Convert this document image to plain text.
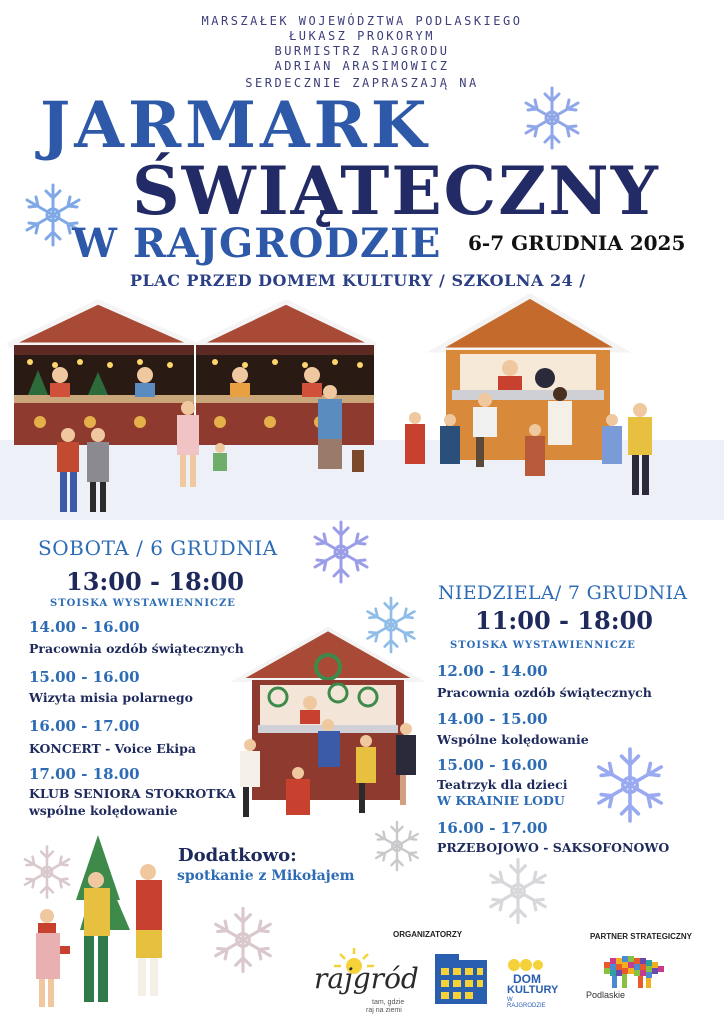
MARSZAŁEK WOJEWÓDZTWA PODLASKIEGO
ŁUKASZ PROKORYM
BURMISTRZ RAJGRODU
ADRIAN ARASIMOWICZ
SERDECZNIE ZAPRASZAJĄ NA
JARMARK
ŚWIĄTECZNY
W RAJGRODZIE 6-7 GRUDNIA 2025
PLAC PRZED DOMEM KULTURY / SZKOLNA 24 /
SOBOTA / 6 GRUDNIA
13:00 - 18:00
STOISKA WYSTAWIENNICZE
14.00 - 16.00
Pracownia ozdób świątecznych
15.00 - 16.00
Wizyta misia polarnego
16.00 - 17.00
KONCERT - Voice Ekipa
17.00 - 18.00
KLUB SENIORA STOKROTKA
wspólne kolędowanie
NIEDZIELA/ 7 GRUDNIA
11:00 - 18:00
STOISKA WYSTAWIENNICZE
12.00 - 14.00
Pracownia ozdób świątecznych
14.00 - 15.00
Wspólne kolędowanie
15.00 - 16.00
Teatrzyk dla dzieci
W KRAINIE LODU
16.00 - 17.00
PRZEBOJOWO - SAKSOFONOWO
Dodatkowo:
spotkanie z Mikołajem
ORGANIZATORZY	PARTNER STRATEGICZNY
rajgród
tam, gdzie
raj na ziemi
DOM
KULTURY
W RAJGRODZIE
Podlaskie
